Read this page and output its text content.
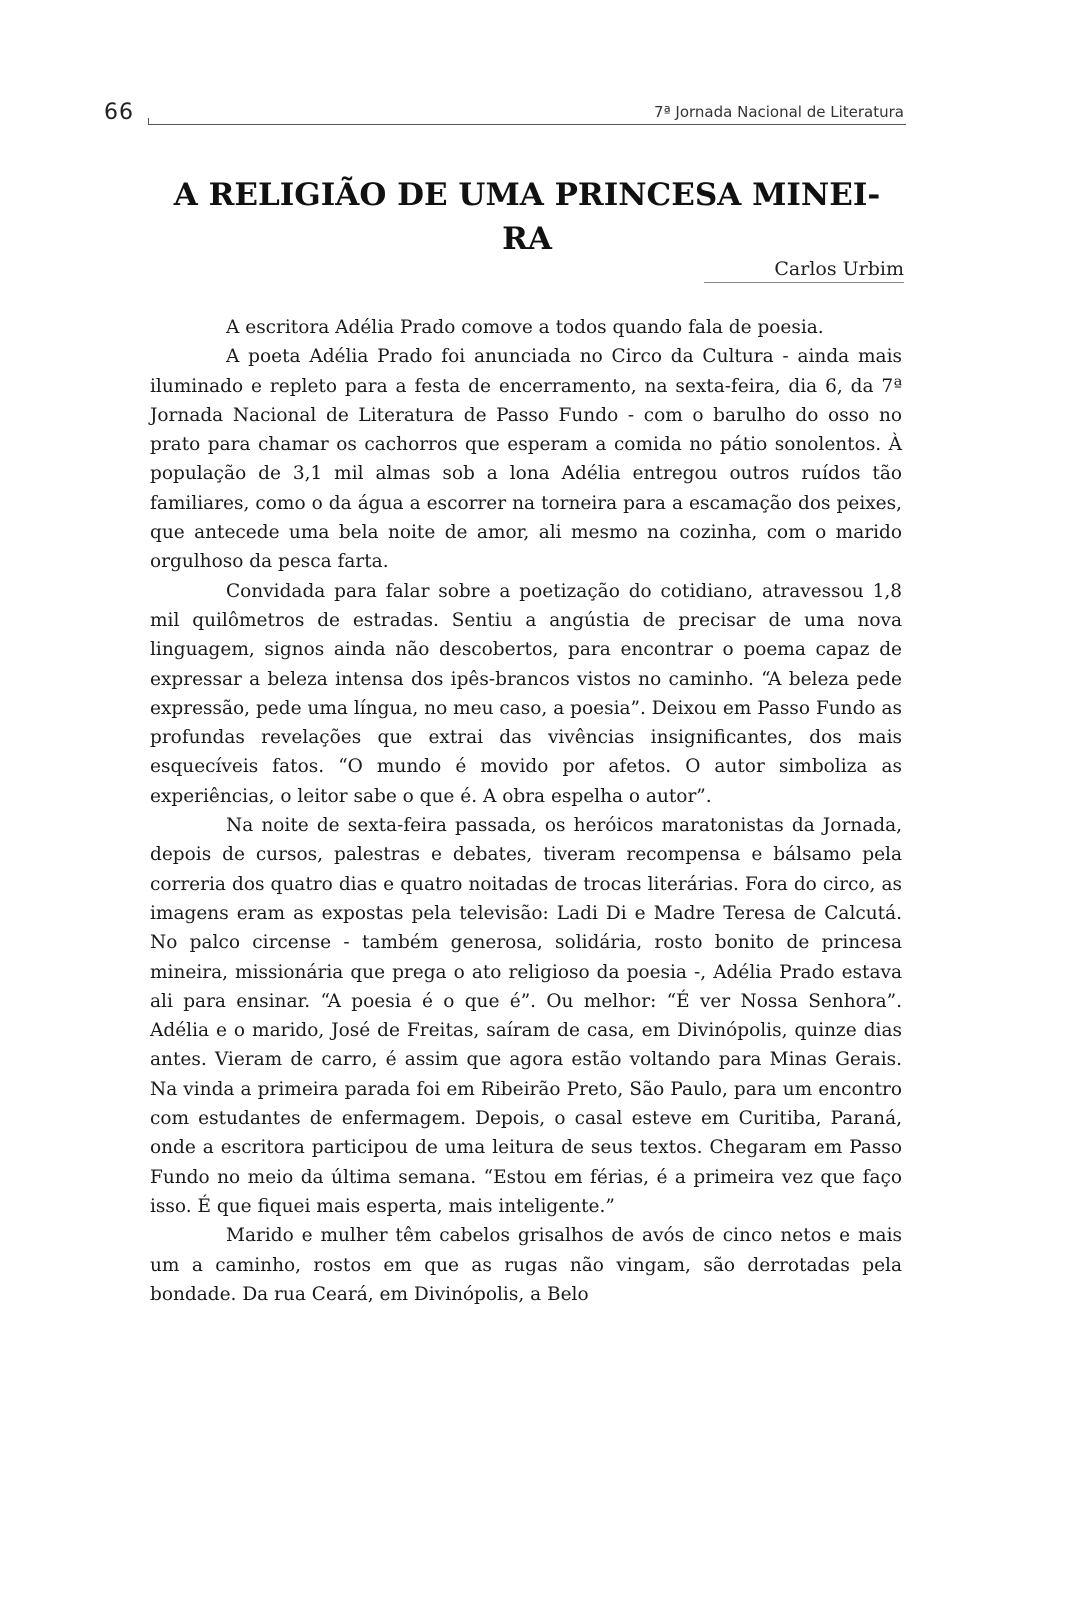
66	7ª Jornada Nacional de Literatura
A RELIGIÃO DE UMA PRINCESA MINEI-RA
Carlos Urbim

A escritora Adélia Prado comove a todos quando fala de poesia.

A poeta Adélia Prado foi anunciada no Circo da Cultura - ainda mais iluminado e repleto para a festa de encerramento, na sexta-feira, dia 6, da 7ª Jornada Nacional de Literatura de Passo Fundo - com o barulho do osso no prato para chamar os cachorros que esperam a comida no pátio sonolentos. À população de 3,1 mil almas sob a lona Adélia entregou outros ruídos tão familiares, como o da água a escorrer na torneira para a escamação dos peixes, que antecede uma bela noite de amor, ali mesmo na cozinha, com o marido orgulhoso da pesca farta.

Convidada para falar sobre a poetização do cotidiano, atravessou 1,8 mil quilômetros de estradas. Sentiu a angústia de precisar de uma nova linguagem, signos ainda não descobertos, para encontrar o poema capaz de expressar a beleza intensa dos ipês-brancos vistos no caminho. “A beleza pede expressão, pede uma língua, no meu caso, a poesia”. Deixou em Passo Fundo as profundas revelações que extrai das vivências insignificantes, dos mais esquecíveis fatos. “O mundo é movido por afetos. O autor simboliza as experiências, o leitor sabe o que é. A obra espelha o autor”.

Na noite de sexta-feira passada, os heróicos maratonistas da Jornada, depois de cursos, palestras e debates, tiveram recompensa e bálsamo pela correria dos quatro dias e quatro noitadas de trocas literárias. Fora do circo, as imagens eram as expostas pela televisão: Ladi Di e Madre Teresa de Calcutá. No palco circense - também generosa, solidária, rosto bonito de princesa mineira, missionária que prega o ato religioso da poesia -, Adélia Prado estava ali para ensinar. “A poesia é o que é”. Ou melhor: “É ver Nossa Senhora”. Adélia e o marido, José de Freitas, saíram de casa, em Divinópolis, quinze dias antes. Vieram de carro, é assim que agora estão voltando para Minas Gerais. Na vinda a primeira parada foi em Ribeirão Preto, São Paulo, para um encontro com estudantes de enfermagem. Depois, o casal esteve em Curitiba, Paraná, onde a escritora participou de uma leitura de seus textos. Chegaram em Passo Fundo no meio da última semana. “Estou em férias, é a primeira vez que faço isso. É que fiquei mais esperta, mais inteligente.”

Marido e mulher têm cabelos grisalhos de avós de cinco netos e mais um a caminho, rostos em que as rugas não vingam, são derrotadas pela bondade. Da rua Ceará, em Divinópolis, a Belo
